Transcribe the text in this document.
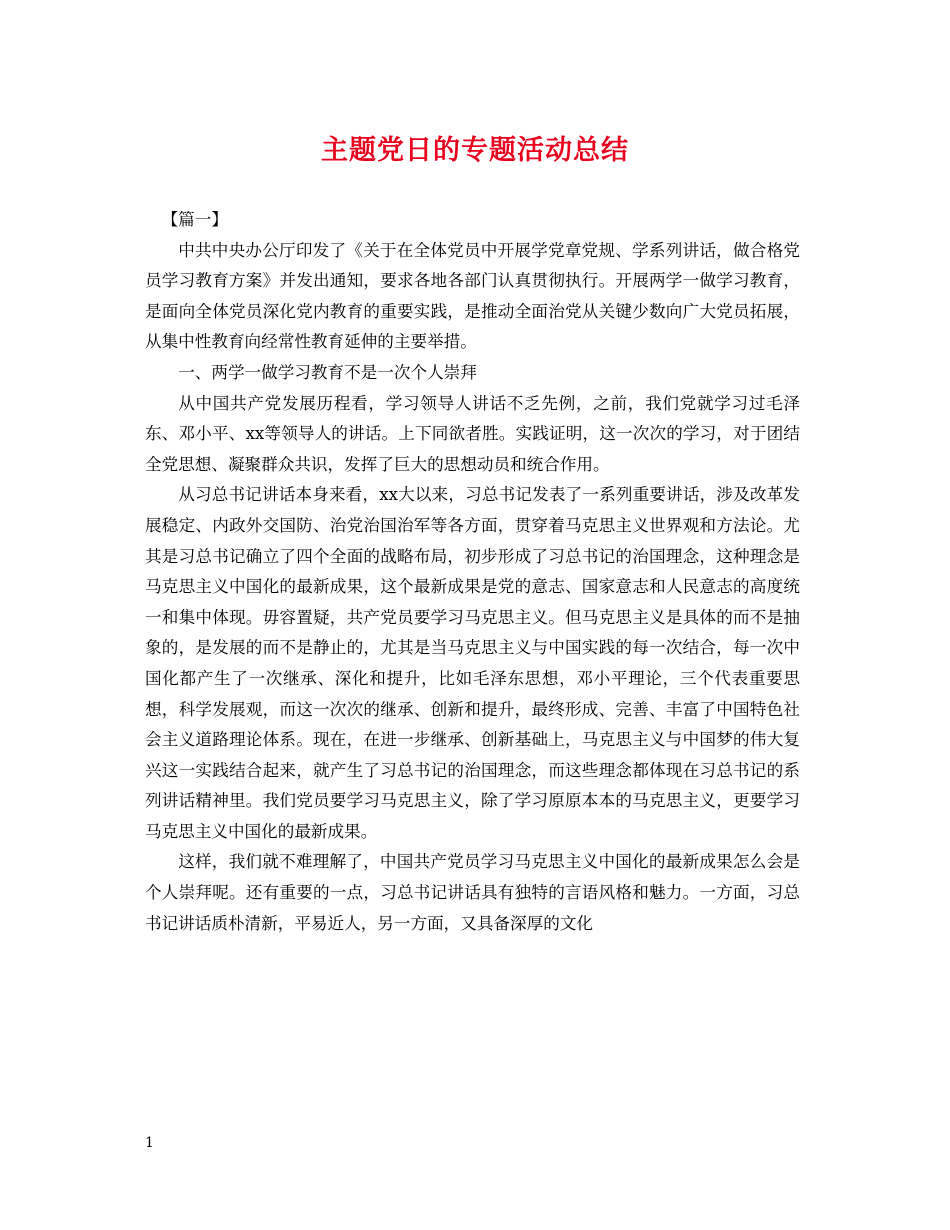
主题党日的专题活动总结

【篇一】

中共中央办公厅印发了《关于在全体党员中开展学党章党规、学系列讲话，做合格党员学习教育方案》并发出通知，要求各地各部门认真贯彻执行。开展两学一做学习教育，是面向全体党员深化党内教育的重要实践，是推动全面治党从关键少数向广大党员拓展，从集中性教育向经常性教育延伸的主要举措。

一、两学一做学习教育不是一次个人崇拜

从中国共产党发展历程看，学习领导人讲话不乏先例，之前，我们党就学习过毛泽东、邓小平、xx等领导人的讲话。上下同欲者胜。实践证明，这一次次的学习，对于团结全党思想、凝聚群众共识，发挥了巨大的思想动员和统合作用。

从习总书记讲话本身来看，xx大以来，习总书记发表了一系列重要讲话，涉及改革发展稳定、内政外交国防、治党治国治军等各方面，贯穿着马克思主义世界观和方法论。尤其是习总书记确立了四个全面的战略布局，初步形成了习总书记的治国理念，这种理念是马克思主义中国化的最新成果，这个最新成果是党的意志、国家意志和人民意志的高度统一和集中体现。毋容置疑，共产党员要学习马克思主义。但马克思主义是具体的而不是抽象的，是发展的而不是静止的，尤其是当马克思主义与中国实践的每一次结合，每一次中国化都产生了一次继承、深化和提升，比如毛泽东思想，邓小平理论，三个代表重要思想，科学发展观，而这一次次的继承、创新和提升，最终形成、完善、丰富了中国特色社会主义道路理论体系。现在，在进一步继承、创新基础上，马克思主义与中国梦的伟大复兴这一实践结合起来，就产生了习总书记的治国理念，而这些理念都体现在习总书记的系列讲话精神里。我们党员要学习马克思主义，除了学习原原本本的马克思主义，更要学习马克思主义中国化的最新成果。

这样，我们就不难理解了，中国共产党员学习马克思主义中国化的最新成果怎么会是个人崇拜呢。还有重要的一点，习总书记讲话具有独特的言语风格和魅力。一方面，习总书记讲话质朴清新，平易近人，另一方面，又具备深厚的文化

1
